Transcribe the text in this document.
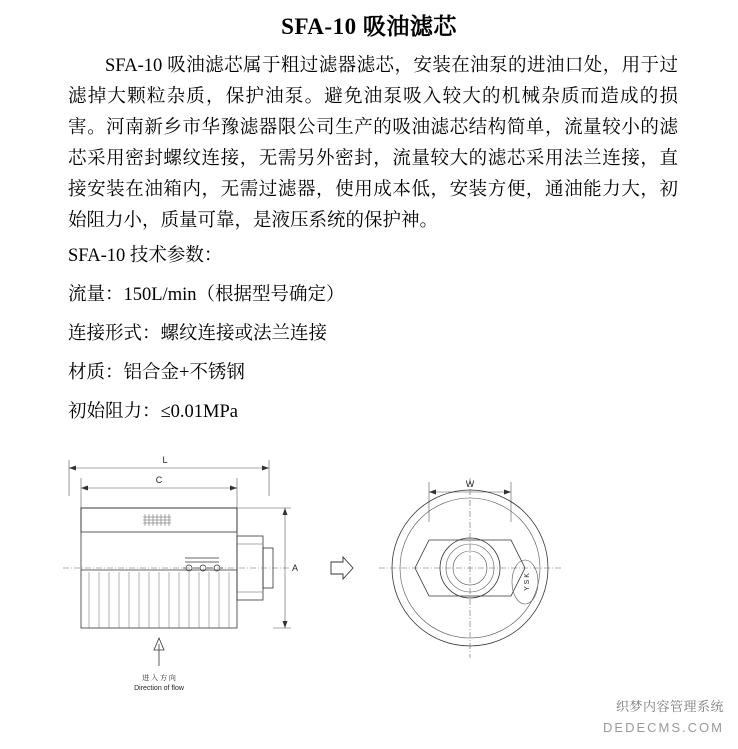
SFA-10 吸油滤芯
SFA-10 吸油滤芯属于粗过滤器滤芯，安装在油泵的进油口处，用于过滤掉大颗粒杂质，保护油泵。避免油泵吸入较大的机械杂质而造成的损害。河南新乡市华豫滤器限公司生产的吸油滤芯结构简单，流量较小的滤芯采用密封螺纹连接，无需另外密封，流量较大的滤芯采用法兰连接，直接安装在油箱内，无需过滤器，使用成本低，安装方便，通油能力大，初始阻力小，质量可靠，是液压系统的保护神。
SFA-10 技术参数：
流量：150L/min（根据型号确定）
连接形式：螺纹连接或法兰连接
材质：铝合金+不锈钢
初始阻力：≤0.01MPa
L
C
A
进 入 方 向
Direction of flow
W
Y S K
织梦内容管理系统
DEDECMS.COM
